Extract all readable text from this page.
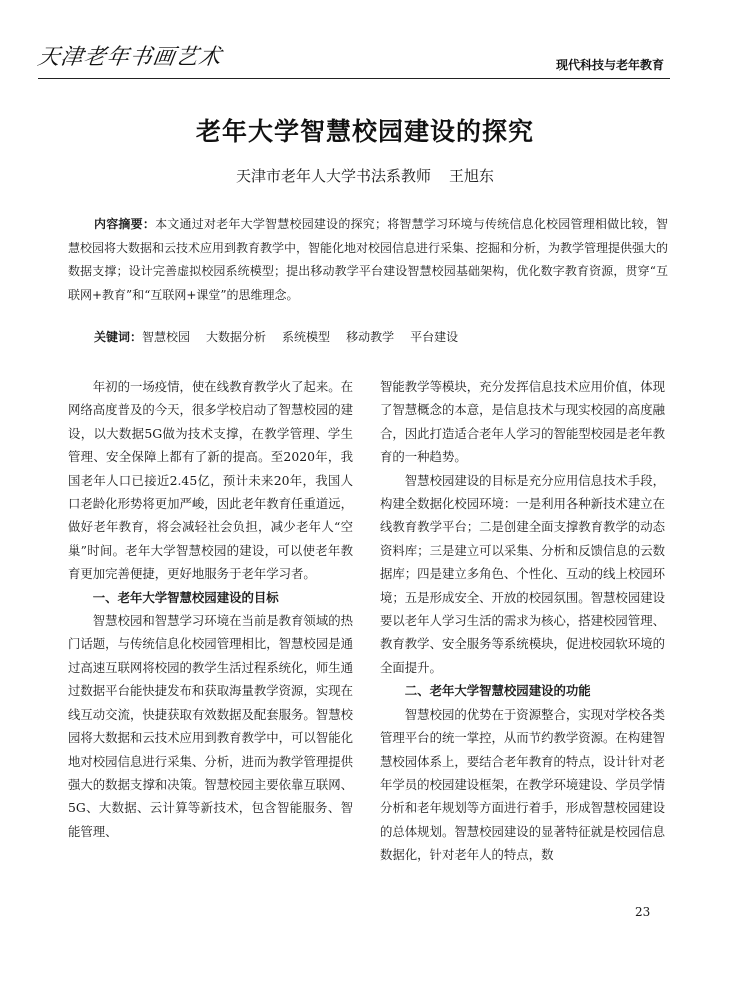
天津老年书画艺术	现代科技与老年教育
老年大学智慧校园建设的探究
天津市老年人大学书法系教师 王旭东
内容摘要：本文通过对老年大学智慧校园建设的探究；将智慧学习环境与传统信息化校园管理相做比较，智慧校园将大数据和云技术应用到教育教学中，智能化地对校园信息进行采集、挖掘和分析，为教学管理提供强大的数据支撑；设计完善虚拟校园系统模型；提出移动教学平台建设智慧校园基础架构，优化数字教育资源，贯穿“互联网+教育”和“互联网+课堂”的思维理念。
关键词：智慧校园 大数据分析 系统模型 移动教学 平台建设

年初的一场疫情，使在线教育教学火了起来。在网络高度普及的今天，很多学校启动了智慧校园的建设，以大数据5G做为技术支撑，在教学管理、学生管理、安全保障上都有了新的提高。至2020年，我国老年人口已接近2.45亿，预计未来20年，我国人口老龄化形势将更加严峻，因此老年教育任重道远，做好老年教育，将会减轻社会负担，减少老年人“空巢”时间。老年大学智慧校园的建设，可以使老年教育更加完善便捷，更好地服务于老年学习者。

一、老年大学智慧校园建设的目标

智慧校园和智慧学习环境在当前是教育领域的热门话题，与传统信息化校园管理相比，智慧校园是通过高速互联网将校园的教学生活过程系统化，师生通过数据平台能快捷发布和获取海量教学资源，实现在线互动交流，快捷获取有效数据及配套服务。智慧校园将大数据和云技术应用到教育教学中，可以智能化地对校园信息进行采集、分析，进而为教学管理提供强大的数据支撑和决策。智慧校园主要依靠互联网、5G、大数据、云计算等新技术，包含智能服务、智能管理、

智能教学等模块，充分发挥信息技术应用价值，体现了智慧概念的本意，是信息技术与现实校园的高度融合，因此打造适合老年人学习的智能型校园是老年教育的一种趋势。

智慧校园建设的目标是充分应用信息技术手段，构建全数据化校园环境：一是利用各种新技术建立在线教育教学平台；二是创建全面支撑教育教学的动态资料库；三是建立可以采集、分析和反馈信息的云数据库；四是建立多角色、个性化、互动的线上校园环境；五是形成安全、开放的校园氛围。智慧校园建设要以老年人学习生活的需求为核心，搭建校园管理、教育教学、安全服务等系统模块，促进校园软环境的全面提升。

二、老年大学智慧校园建设的功能

智慧校园的优势在于资源整合，实现对学校各类管理平台的统一掌控，从而节约教学资源。在构建智慧校园体系上，要结合老年教育的特点，设计针对老年学员的校园建设框架，在教学环境建设、学员学情分析和老年规划等方面进行着手，形成智慧校园建设的总体规划。智慧校园建设的显著特征就是校园信息数据化，针对老年人的特点，数

23
